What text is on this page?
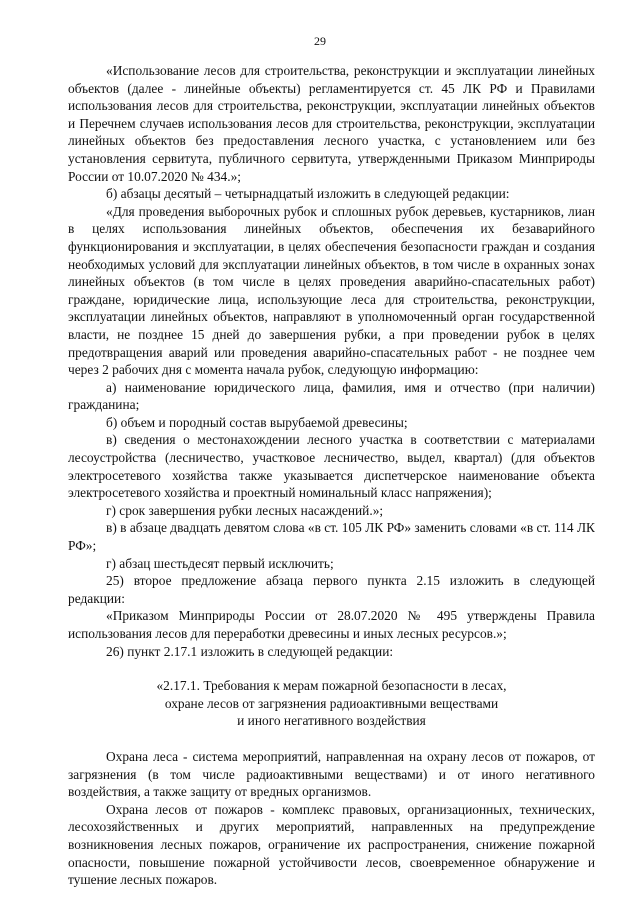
29

«Использование лесов для строительства, реконструкции и эксплуатации линейных объектов (далее - линейные объекты) регламентируется ст. 45 ЛК РФ и Правилами использования лесов для строительства, реконструкции, эксплуатации линейных объектов и Перечнем случаев использования лесов для строительства, реконструкции, эксплуатации линейных объектов без предоставления лесного участка, с установлением или без установления сервитута, публичного сервитута, утвержденными Приказом Минприроды России от 10.07.2020 № 434.»;

б) абзацы десятый – четырнадцатый изложить в следующей редакции:

«Для проведения выборочных рубок и сплошных рубок деревьев, кустарников, лиан в целях использования линейных объектов, обеспечения их безаварийного функционирования и эксплуатации, в целях обеспечения безопасности граждан и создания необходимых условий для эксплуатации линейных объектов, в том числе в охранных зонах линейных объектов (в том числе в целях проведения аварийно-спасательных работ) граждане, юридические лица, использующие леса для строительства, реконструкции, эксплуатации линейных объектов, направляют в уполномоченный орган государственной власти, не позднее 15 дней до завершения рубки, а при проведении рубок в целях предотвращения аварий или проведения аварийно-спасательных работ - не позднее чем через 2 рабочих дня с момента начала рубок, следующую информацию:

а) наименование юридического лица, фамилия, имя и отчество (при наличии) гражданина;

б) объем и породный состав вырубаемой древесины;

в) сведения о местонахождении лесного участка в соответствии с материалами лесоустройства (лесничество, участковое лесничество, выдел, квартал) (для объектов электросетевого хозяйства также указывается диспетчерское наименование объекта электросетевого хозяйства и проектный номинальный класс напряжения);

г) срок завершения рубки лесных насаждений.»;

в) в абзаце двадцать девятом слова «в ст. 105 ЛК РФ» заменить словами «в ст. 114 ЛК РФ»;

г) абзац шестьдесят первый исключить;

25) второе предложение абзаца первого пункта 2.15 изложить в следующей редакции:

«Приказом Минприроды России от 28.07.2020 № 495 утверждены Правила использования лесов для переработки древесины и иных лесных ресурсов.»;

26) пункт 2.17.1 изложить в следующей редакции:

«2.17.1. Требования к мерам пожарной безопасности в лесах,
охране лесов от загрязнения радиоактивными веществами
и иного негативного воздействия

Охрана леса - система мероприятий, направленная на охрану лесов от пожаров, от загрязнения (в том числе радиоактивными веществами) и от иного негативного воздействия, а также защиту от вредных организмов.

Охрана лесов от пожаров - комплекс правовых, организационных, технических, лесохозяйственных и других мероприятий, направленных на предупреждение возникновения лесных пожаров, ограничение их распространения, снижение пожарной опасности, повышение пожарной устойчивости лесов, своевременное обнаружение и тушение лесных пожаров.
